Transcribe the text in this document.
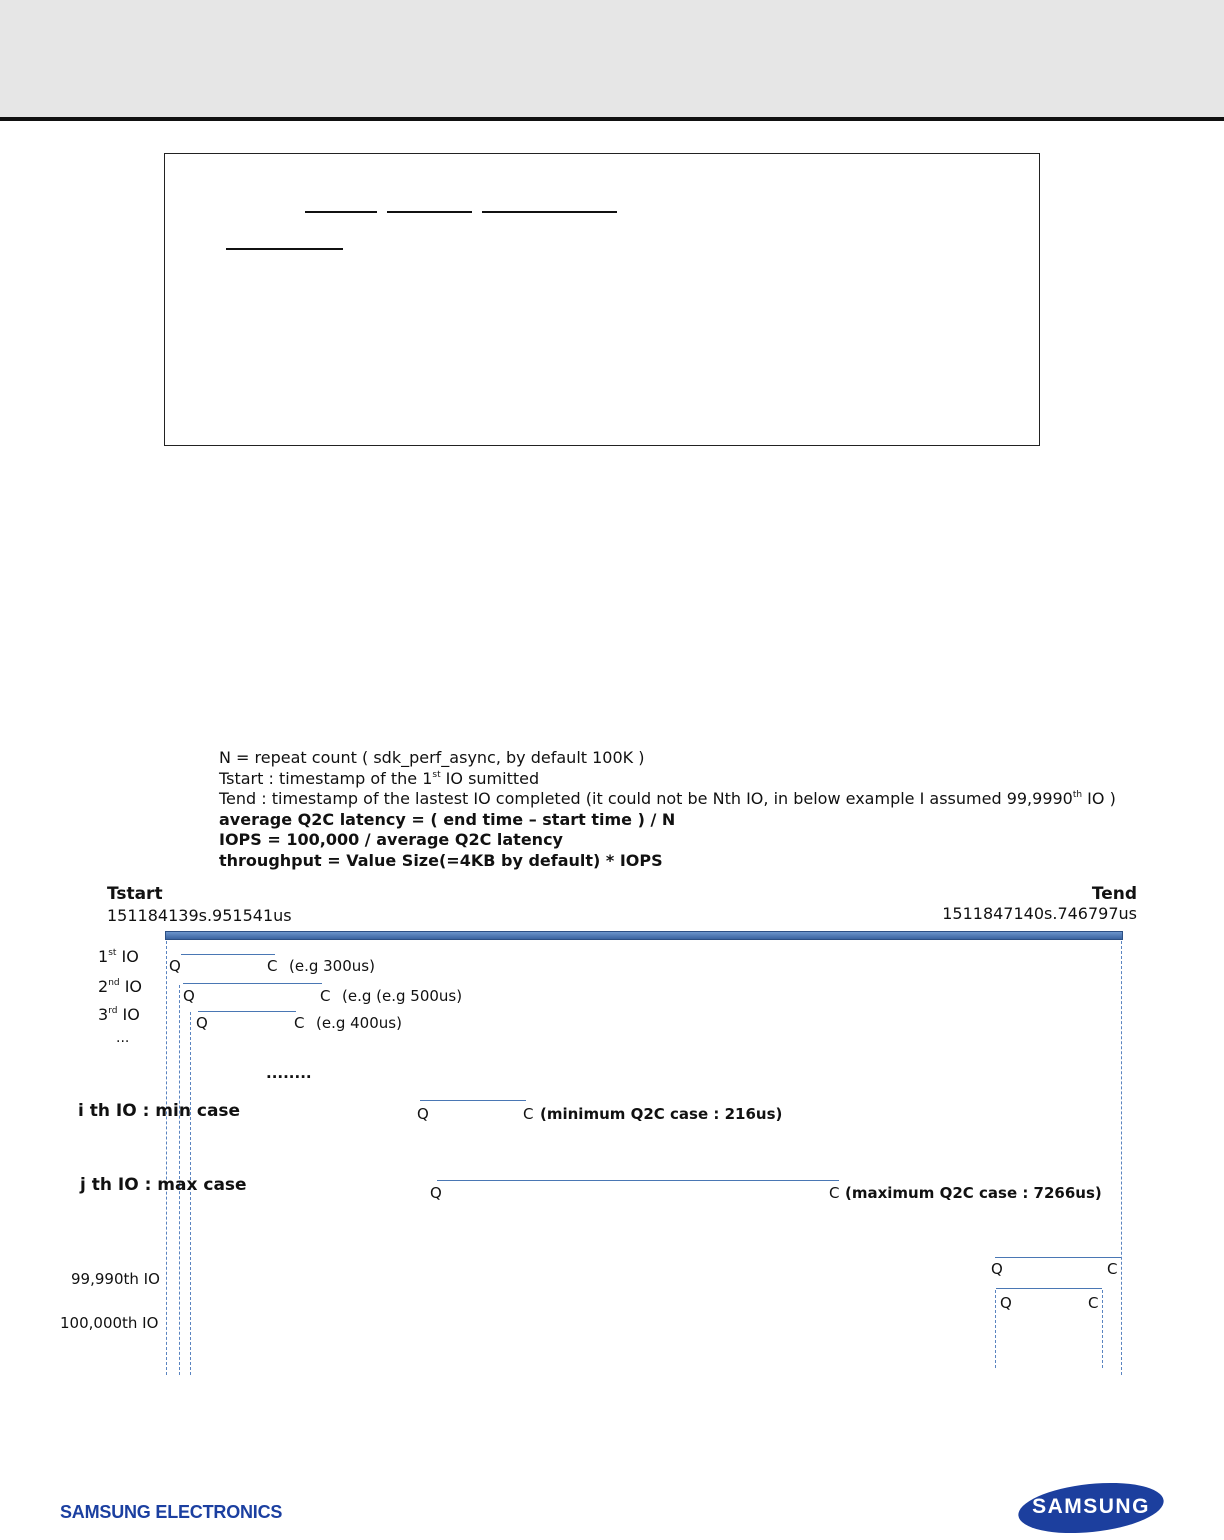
N = repeat count ( sdk_perf_async, by default 100K )
Tstart : timestamp of the 1st IO sumitted
Tend : timestamp of the lastest IO completed (it could not be Nth IO, in below example I assumed 99,9990th IO )
average Q2C latency = ( end time – start time ) / N
IOPS = 100,000 / average Q2C latency
throughput = Value Size(=4KB by default) * IOPS
Tstart
151184139s.951541us
Tend
1511847140s.746797us
1st IO Q	C (e.g 300us)
2nd IO	Q	C (e.g (e.g 500us)
3rd IO	Q	C (e.g 400us)
...
........
i th IO : min case	Q	C (minimum Q2C case : 216us)
j th IO : max case	Q	C (maximum Q2C case : 7266us)
99,990th IO
Q	C
100,000th IO
Q	C
SAMSUNG ELECTRONICS	SAMSUNG
